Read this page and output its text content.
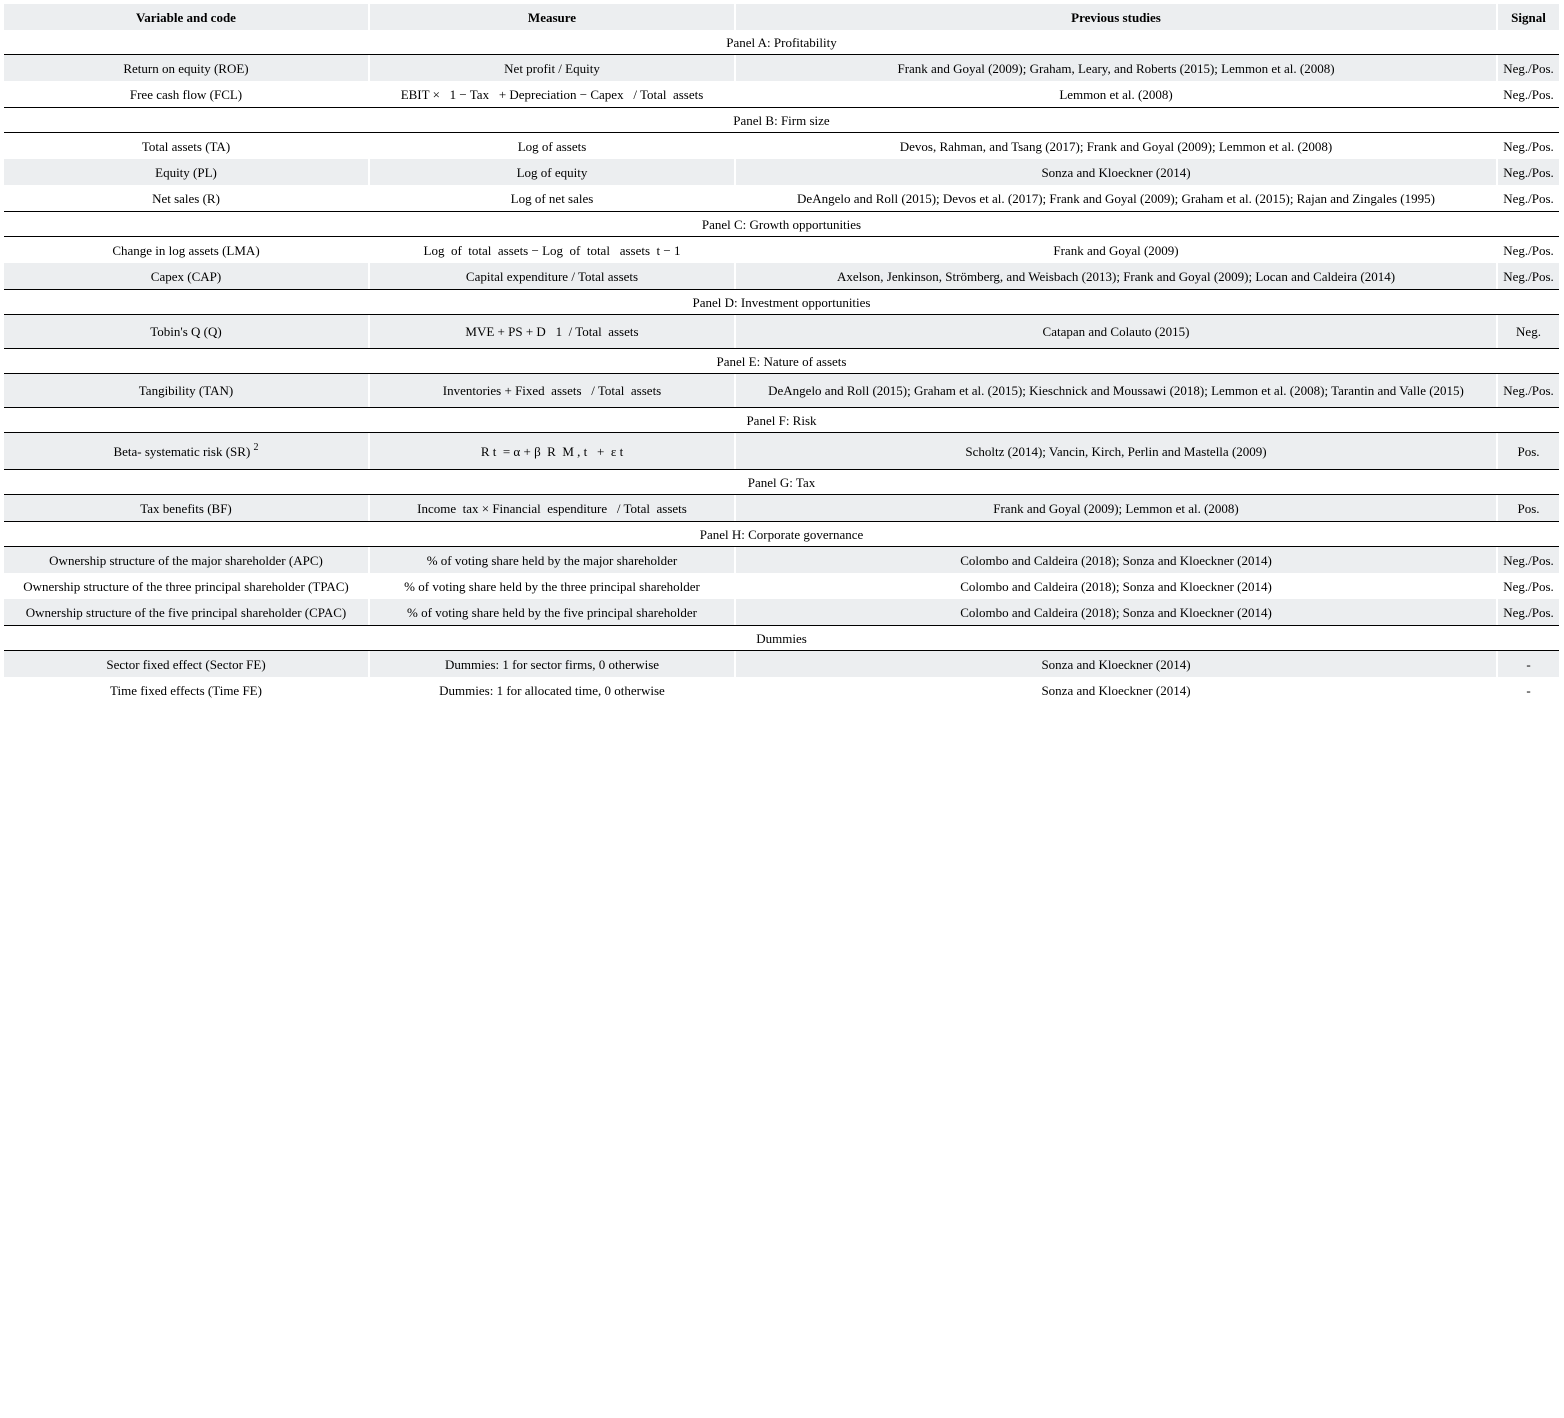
Variable and code	Measure	Previous studies	Signal
Panel A: Profitability			
Return on equity (ROE)	Net profit / Equity	Frank and Goyal (2009); Graham, Leary, and Roberts (2015); Lemmon et al. (2008)	Neg./Pos.
Free cash flow (FCL)	EBIT ×   1 − Tax   + Depreciation − Capex   / Total  assets	Lemmon et al. (2008)	Neg./Pos.
Panel B: Firm size			
Total assets (TA)	Log of assets	Devos, Rahman, and Tsang (2017); Frank and Goyal (2009); Lemmon et al. (2008)	Neg./Pos.
Equity (PL)	Log of equity	Sonza and Kloeckner (2014)	Neg./Pos.
Net sales (R)	Log of net sales	DeAngelo and Roll (2015); Devos et al. (2017); Frank and Goyal (2009); Graham et al. (2015); Rajan and Zingales (1995)	Neg./Pos.
Panel C: Growth opportunities			
Change in log assets (LMA)	Log  of  total  assets − Log  of  total   assets  t − 1	Frank and Goyal (2009)	Neg./Pos.
Capex (CAP)	Capital expenditure / Total assets	Axelson, Jenkinson, Strömberg, and Weisbach (2013); Frank and Goyal (2009); Locan and Caldeira (2014)	Neg./Pos.
Panel D: Investment opportunities			
Tobin's Q (Q)	MVE + PS + D   1  / Total  assets	Catapan and Colauto (2015)	Neg.
Panel E: Nature of assets			
Tangibility (TAN)	Inventories + Fixed  assets   / Total  assets	DeAngelo and Roll (2015); Graham et al. (2015); Kieschnick and Moussawi (2018); Lemmon et al. (2008); Tarantin and Valle (2015)	Neg./Pos.
Panel F: Risk			
Beta- systematic risk (SR) $^2$	R t  = α + β  R  M , t   +  ε t	Scholtz (2014); Vancin, Kirch, Perlin and Mastella (2009)	Pos.
Panel G: Tax			
Tax benefits (BF)	Income  tax × Financial  espenditure   / Total  assets	Frank and Goyal (2009); Lemmon et al. (2008)	Pos.
Panel H: Corporate governance			
Ownership structure of the major shareholder (APC)	% of voting share held by the major shareholder	Colombo and Caldeira (2018); Sonza and Kloeckner (2014)	Neg./Pos.
Ownership structure of the three principal shareholder (TPAC)	% of voting share held by the three principal shareholder	Colombo and Caldeira (2018); Sonza and Kloeckner (2014)	Neg./Pos.
Ownership structure of the five principal shareholder (CPAC)	% of voting share held by the five principal shareholder	Colombo and Caldeira (2018); Sonza and Kloeckner (2014)	Neg./Pos.
Dummies			
Sector fixed effect (Sector FE)	Dummies: 1 for sector firms, 0 otherwise	Sonza and Kloeckner (2014)	-
Time fixed effects (Time FE)	Dummies: 1 for allocated time, 0 otherwise	Sonza and Kloeckner (2014)	-
